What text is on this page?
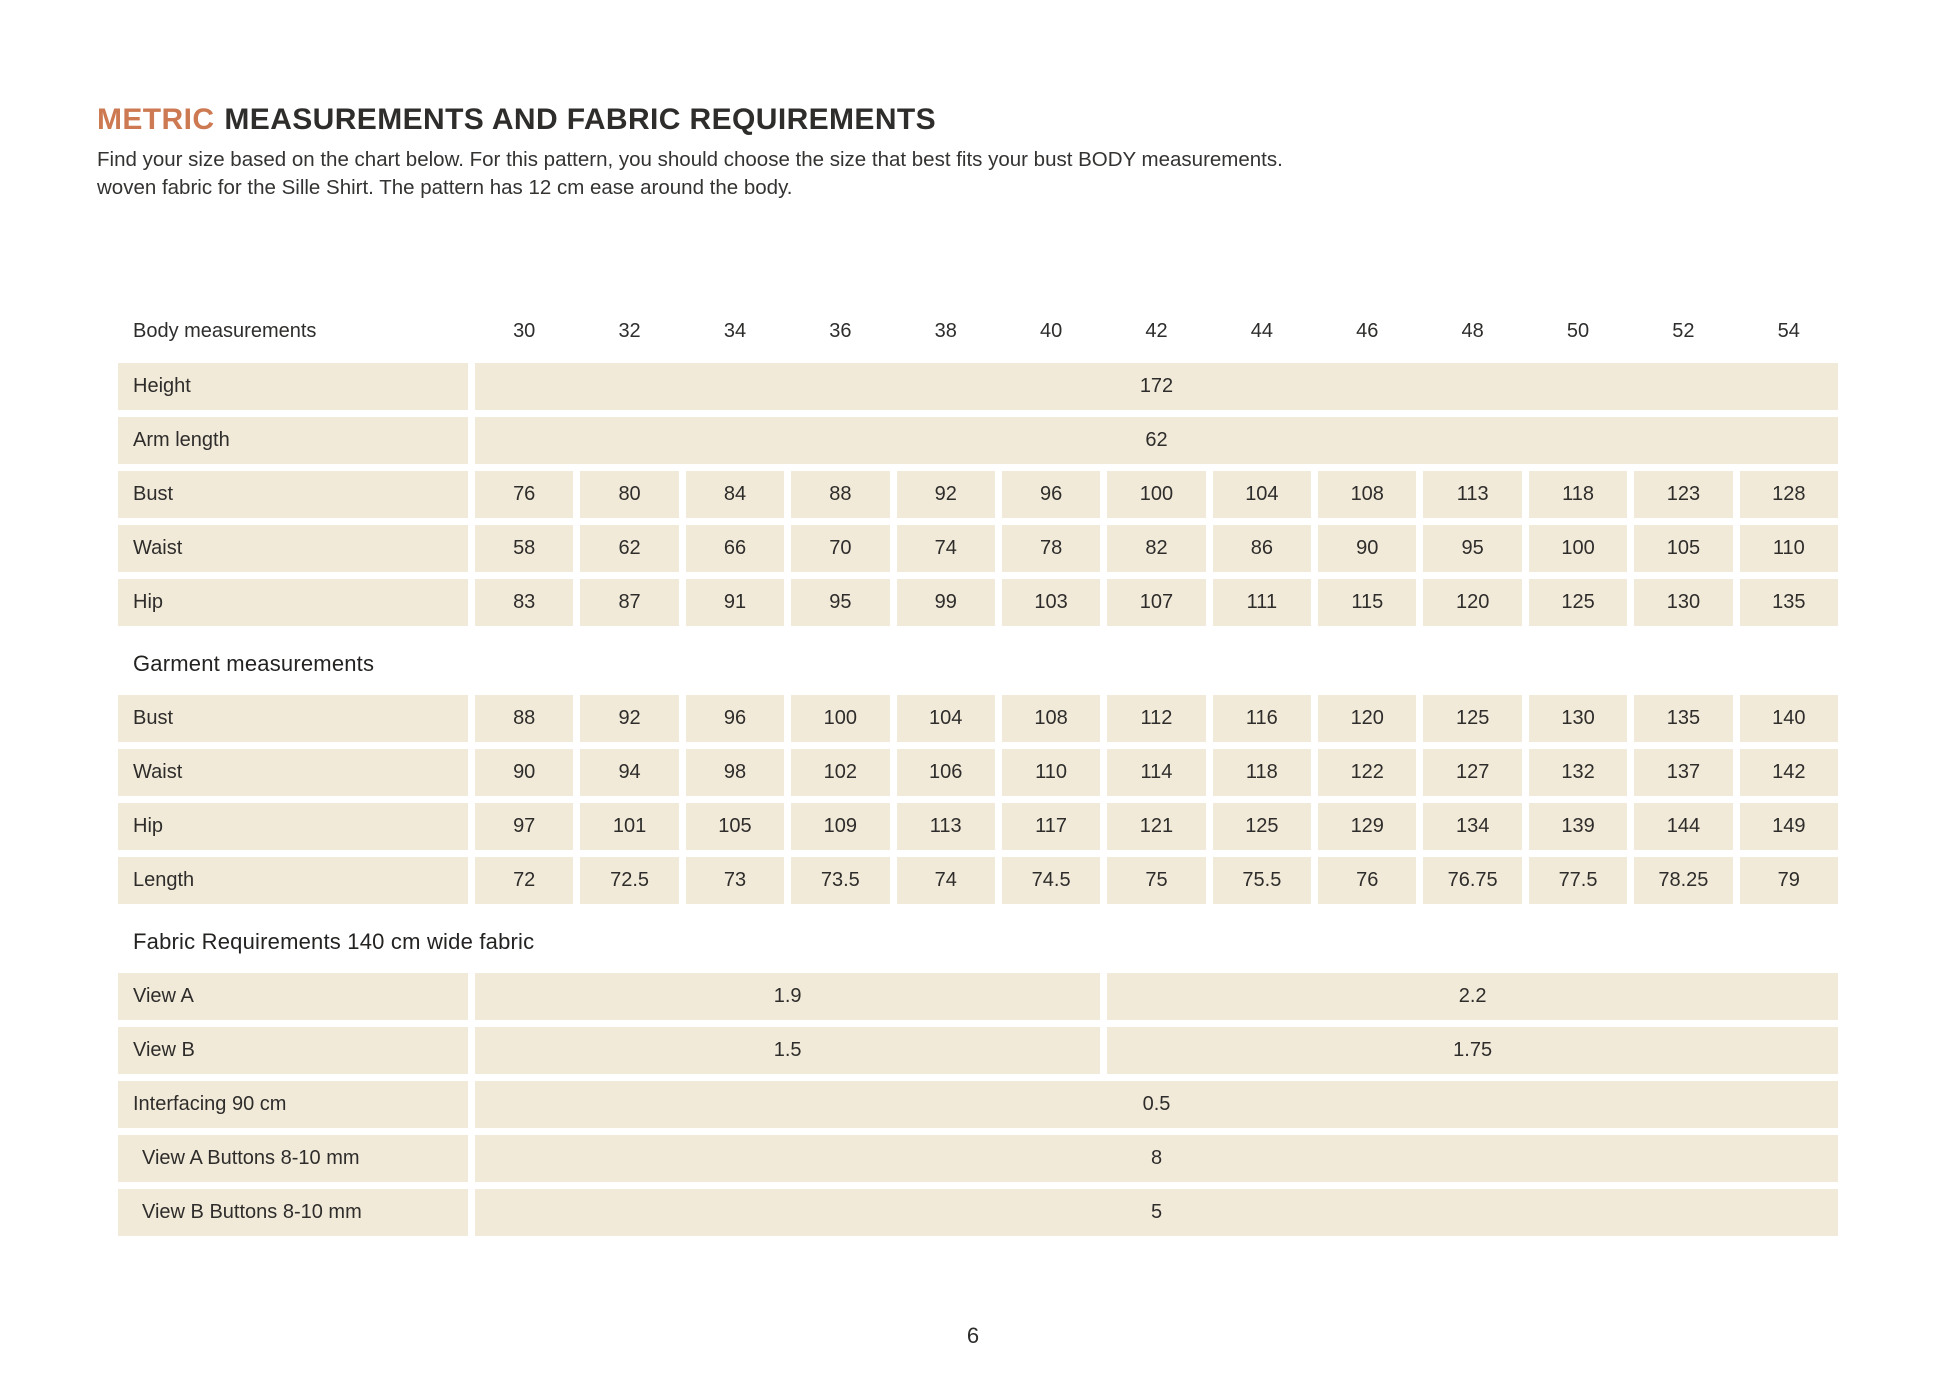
METRIC MEASUREMENTS AND FABRIC REQUIREMENTS
Find your size based on the chart below. For this pattern, you should choose the size that best fits your bust BODY measurements.
woven fabric for the Sille Shirt. The pattern has 12 cm ease around the body.
Body measurements	30	32	34	36	38	40	42	44	46	48	50	52	54
Height	172
Arm length	62
Bust	76	80	84	88	92	96	100	104	108	113	118	123	128
Waist	58	62	66	70	74	78	82	86	90	95	100	105	110
Hip	83	87	91	95	99	103	107	111	115	120	125	130	135
Garment measurements
Bust	88	92	96	100	104	108	112	116	120	125	130	135	140
Waist	90	94	98	102	106	110	114	118	122	127	132	137	142
Hip	97	101	105	109	113	117	121	125	129	134	139	144	149
Length	72	72.5	73	73.5	74	74.5	75	75.5	76	76.75	77.5	78.25	79
Fabric Requirements 140 cm wide fabric
View A	1.9	2.2
View B	1.5	1.75
Interfacing 90 cm	0.5
View A Buttons 8-10 mm	8
View B Buttons 8-10 mm	5
6
